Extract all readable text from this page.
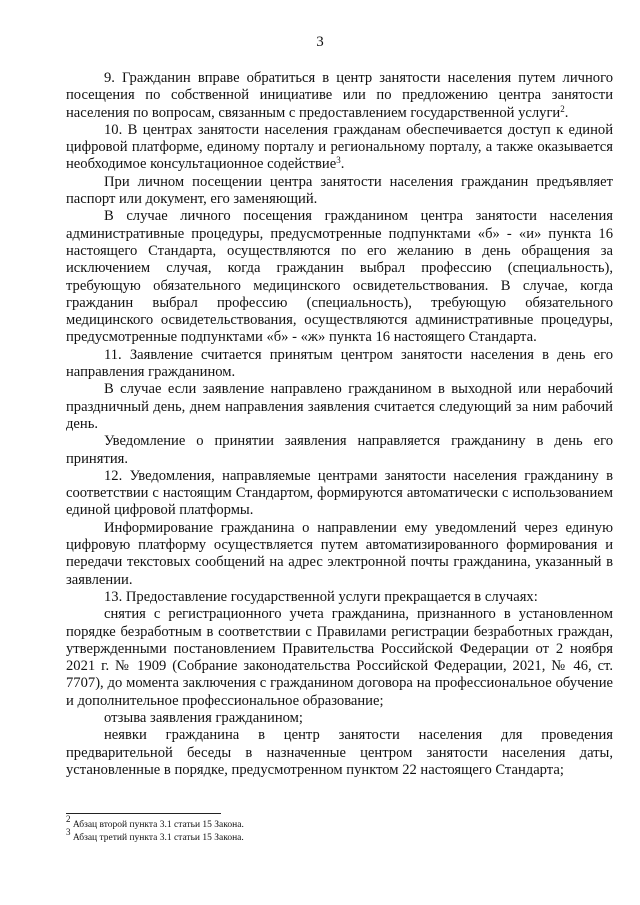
3

9. Гражданин вправе обратиться в центр занятости населения путем личного посещения по собственной инициативе или по предложению центра занятости населения по вопросам, связанным с предоставлением государственной услуги$^2$.

10. В центрах занятости населения гражданам обеспечивается доступ к единой цифровой платформе, единому порталу и региональному порталу, а также оказывается необходимое консультационное содействие$^3$.

При личном посещении центра занятости населения гражданин предъявляет паспорт или документ, его заменяющий.

В случае личного посещения гражданином центра занятости населения административные процедуры, предусмотренные подпунктами «б» - «и» пункта 16 настоящего Стандарта, осуществляются по его желанию в день обращения за исключением случая, когда гражданин выбрал профессию (специальность), требующую обязательного медицинского освидетельствования. В случае, когда гражданин выбрал профессию (специальность), требующую обязательного медицинского освидетельствования, осуществляются административные процедуры, предусмотренные подпунктами «б» - «ж» пункта 16 настоящего Стандарта.

11. Заявление считается принятым центром занятости населения в день его направления гражданином.

В случае если заявление направлено гражданином в выходной или нерабочий праздничный день, днем направления заявления считается следующий за ним рабочий день.

Уведомление о принятии заявления направляется гражданину в день его принятия.

12. Уведомления, направляемые центрами занятости населения гражданину в соответствии с настоящим Стандартом, формируются автоматически с использованием единой цифровой платформы.

Информирование гражданина о направлении ему уведомлений через единую цифровую платформу осуществляется путем автоматизированного формирования и передачи текстовых сообщений на адрес электронной почты гражданина, указанный в заявлении.

13. Предоставление государственной услуги прекращается в случаях:

снятия с регистрационного учета гражданина, признанного в установленном порядке безработным в соответствии с Правилами регистрации безработных граждан, утвержденными постановлением Правительства Российской Федерации от 2 ноября 2021 г. № 1909 (Собрание законодательства Российской Федерации, 2021, № 46, ст. 7707), до момента заключения с гражданином договора на профессиональное обучение и дополнительное профессиональное образование;

отзыва заявления гражданином;

неявки гражданина в центр занятости населения для проведения предварительной беседы в назначенные центром занятости населения даты, установленные в порядке, предусмотренном пунктом 22 настоящего Стандарта;

$^2$ Абзац второй пункта 3.1 статьи 15 Закона.
$^3$ Абзац третий пункта 3.1 статьи 15 Закона.
